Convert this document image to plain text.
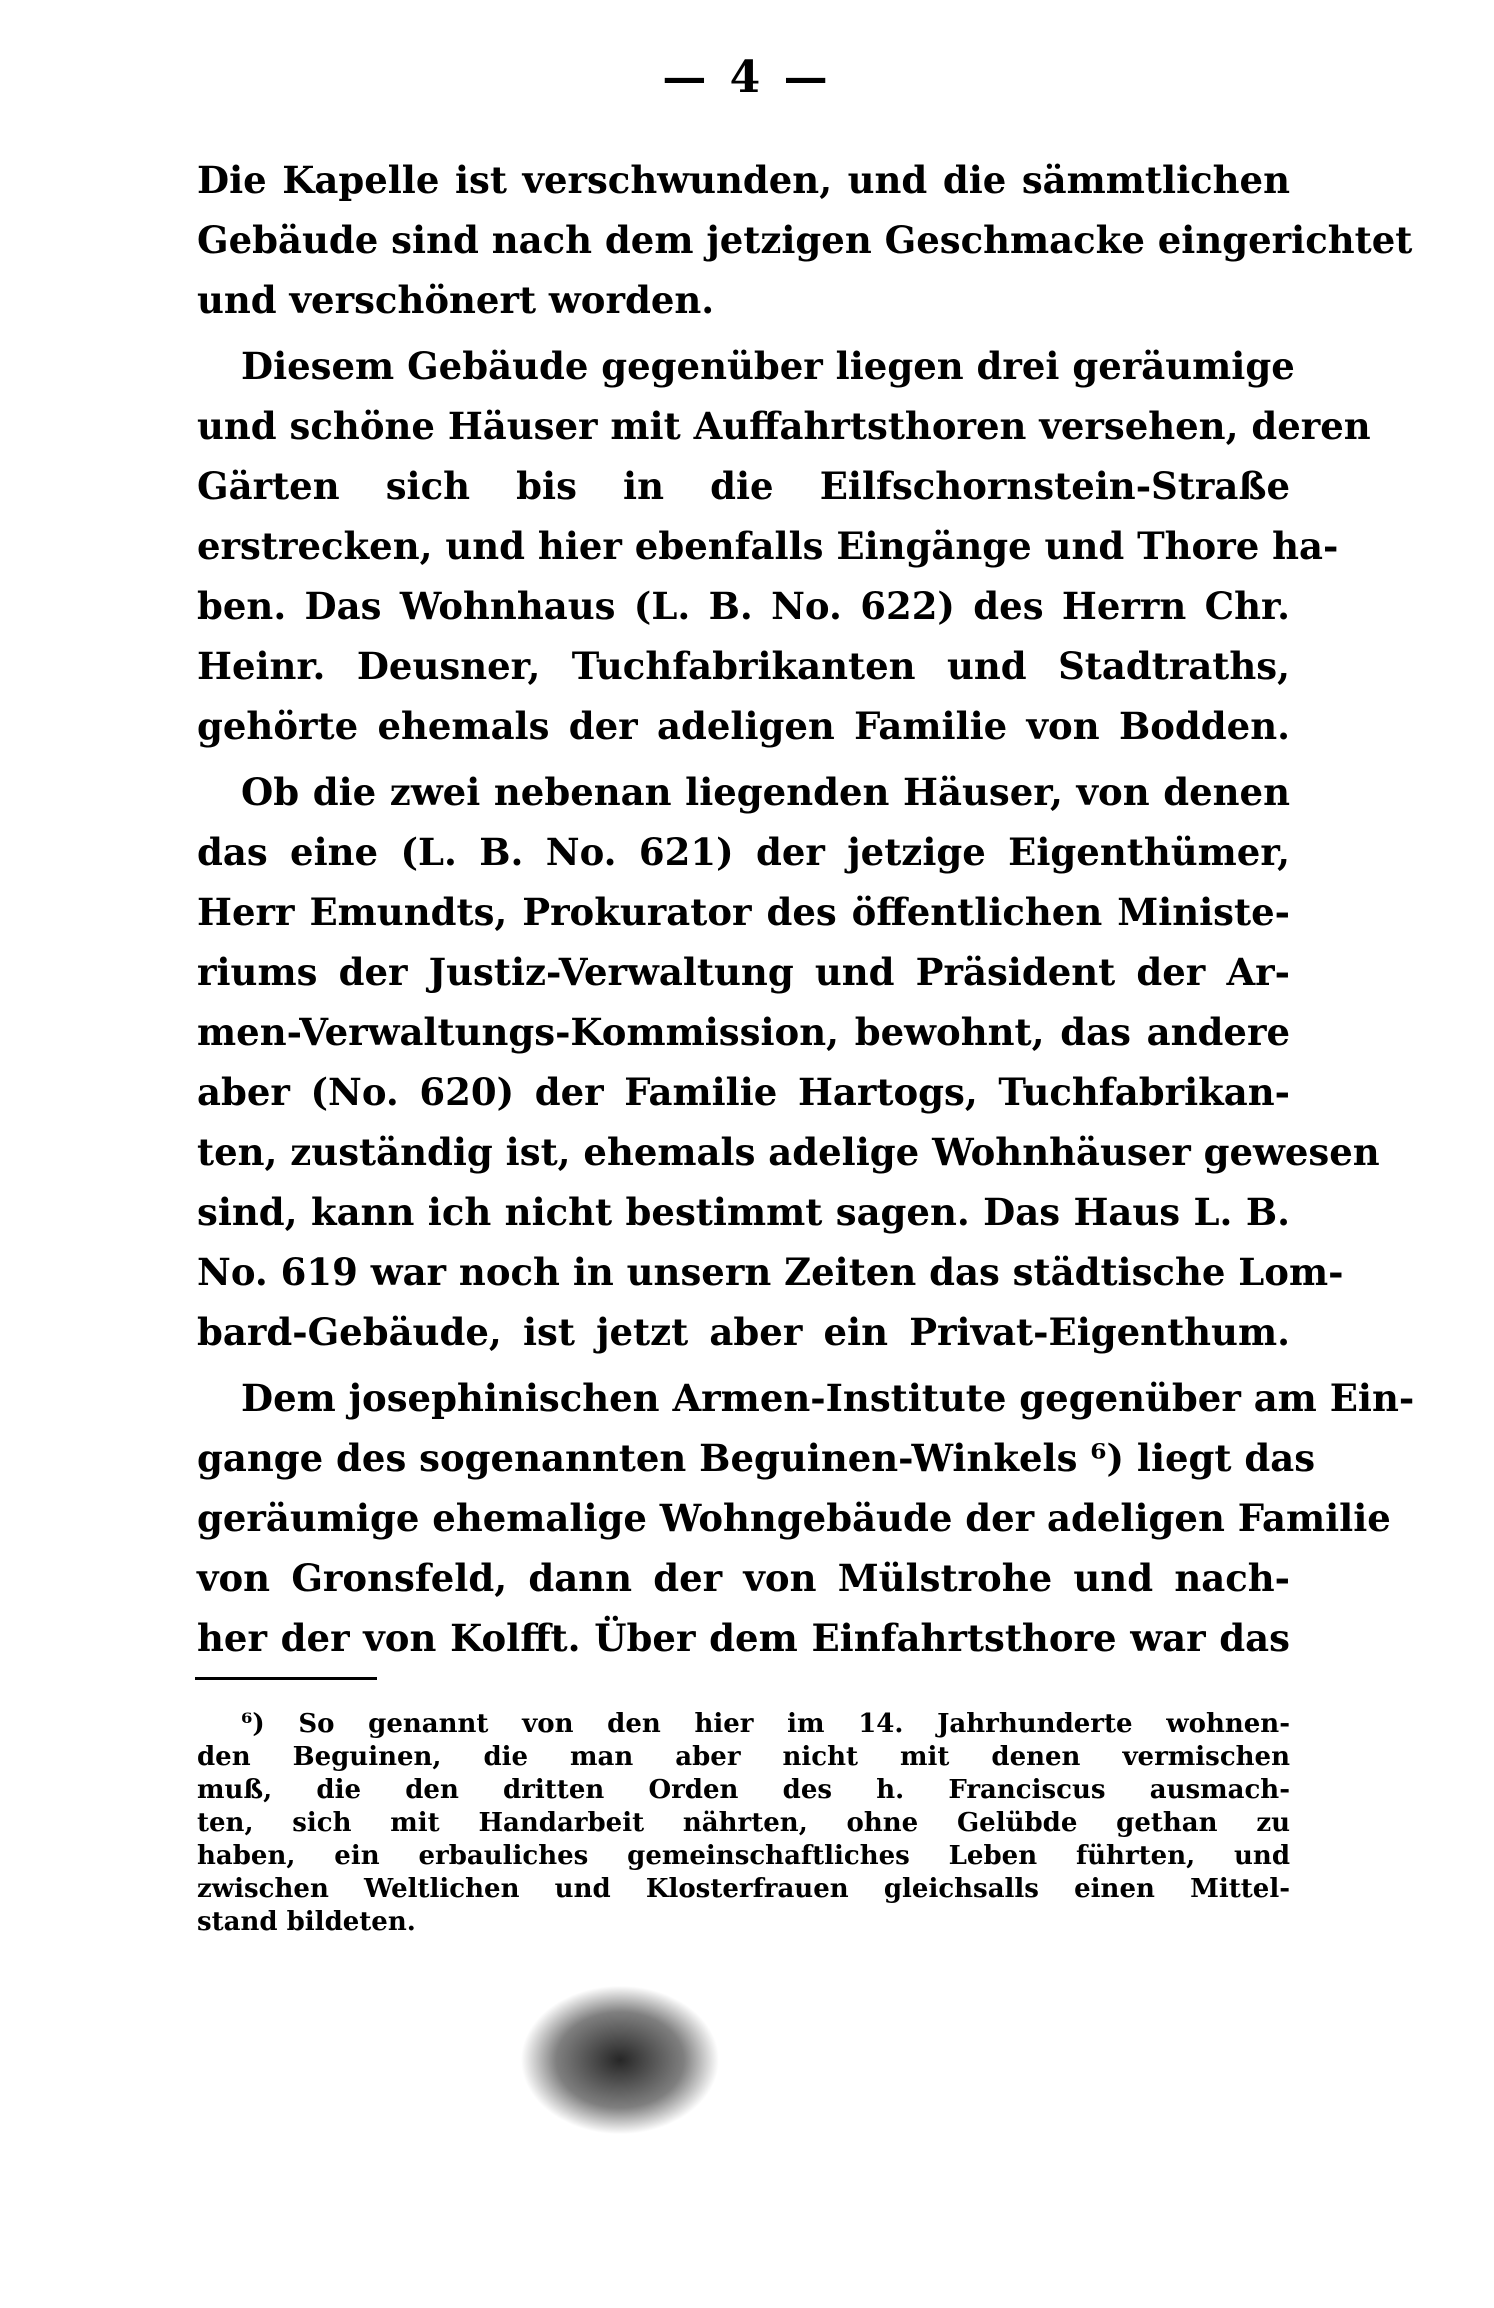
— 4 —
Die Kapelle ist verschwunden, und die sämmtlichen
Gebäude sind nach dem jetzigen Geschmacke eingerichtet
und verschönert worden.
Diesem Gebäude gegenüber liegen drei geräumige
und schöne Häuser mit Auffahrtsthoren versehen, deren
Gärten sich bis in die Eilfschornstein-Straße
erstrecken, und hier ebenfalls Eingänge und Thore ha-
ben. Das Wohnhaus (L. B. No. 622) des Herrn Chr.
Heinr. Deusner, Tuchfabrikanten und Stadtraths,
gehörte ehemals der adeligen Familie von Bodden.
Ob die zwei nebenan liegenden Häuser, von denen
das eine (L. B. No. 621) der jetzige Eigenthümer,
Herr Emundts, Prokurator des öffentlichen Ministe-
riums der Justiz-Verwaltung und Präsident der Ar-
men-Verwaltungs-Kommission, bewohnt, das andere
aber (No. 620) der Familie Hartogs, Tuchfabrikan-
ten, zuständig ist, ehemals adelige Wohnhäuser gewesen
sind, kann ich nicht bestimmt sagen. Das Haus L. B.
No. 619 war noch in unsern Zeiten das städtische Lom-
bard-Gebäude, ist jetzt aber ein Privat-Eigenthum.
Dem josephinischen Armen-Institute gegenüber am Ein-
gange des sogenannten Beguinen-Winkels ⁶) liegt das
geräumige ehemalige Wohngebäude der adeligen Familie
von Gronsfeld, dann der von Mülstrohe und nach-
her der von Kolfft. Über dem Einfahrtsthore war das
⁶) So genannt von den hier im 14. Jahrhunderte wohnen-
den Beguinen, die man aber nicht mit denen vermischen
muß, die den dritten Orden des h. Franciscus ausmach-
ten, sich mit Handarbeit nährten, ohne Gelübde gethan zu
haben, ein erbauliches gemeinschaftliches Leben führten, und
zwischen Weltlichen und Klosterfrauen gleichsalls einen Mittel-
stand bildeten.
